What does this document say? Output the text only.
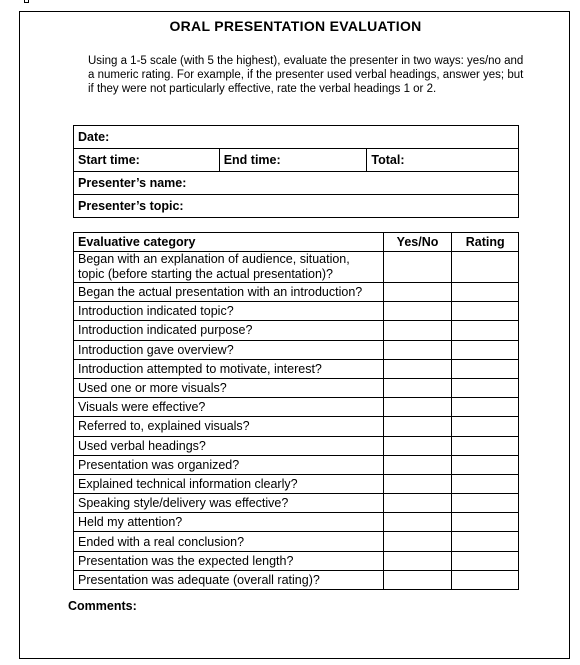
ORAL PRESENTATION EVALUATION
Using a 1-5 scale (with 5 the highest), evaluate the presenter in two ways: yes/no and a numeric rating. For example, if the presenter used verbal headings, answer yes; but if they were not particularly effective, rate the verbal headings 1 or 2.
Date:
Start time:	End time:	Total:
Presenter’s name:
Presenter’s topic:
Evaluative category	Yes/No	Rating
Began with an explanation of audience, situation, topic (before starting the actual presentation)?		
Began the actual presentation with an introduction?		
Introduction indicated topic?		
Introduction indicated purpose?		
Introduction gave overview?		
Introduction attempted to motivate, interest?		
Used one or more visuals?		
Visuals were effective?		
Referred to, explained visuals?		
Used verbal headings?		
Presentation was organized?		
Explained technical information clearly?		
Speaking style/delivery was effective?		
Held my attention?		
Ended with a real conclusion?		
Presentation was the expected length?		
Presentation was adequate (overall rating)?		
Comments:
